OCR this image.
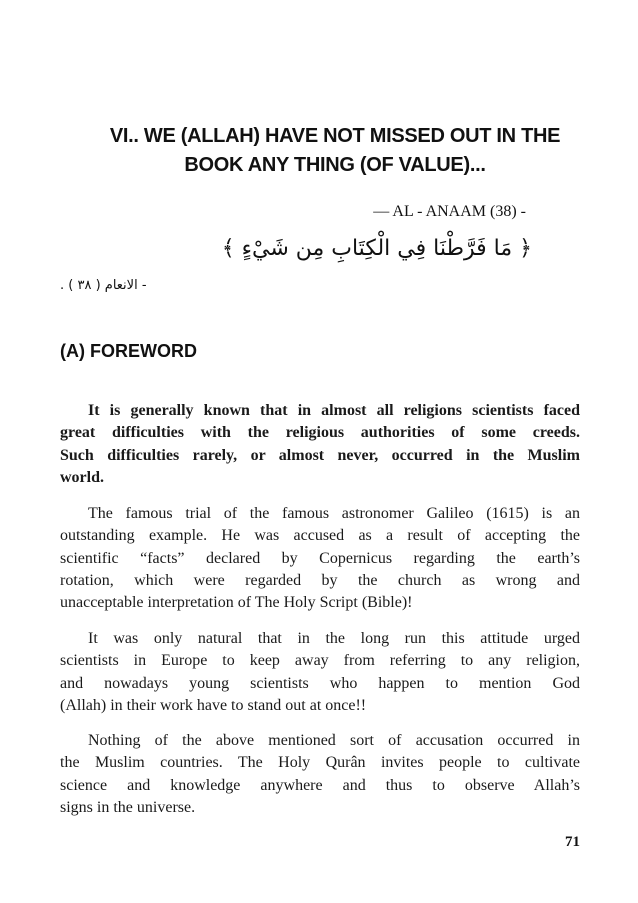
VI.. WE (ALLAH) HAVE NOT MISSED OUT IN THE
BOOK ANY THING (OF VALUE)...
— AL - ANAAM (38) -
﴿ مَا فَرَّطْنَا فِي الْكِتَابِ مِن شَيْءٍ ﴾
- الانعام ( ٣٨ ) .
(A) FOREWORD

It is generally known that in almost all religions scientists faced
great difficulties with the religious authorities of some creeds.
Such difficulties rarely, or almost never, occurred in the Muslim
world.

The famous trial of the famous astronomer Galileo (1615) is an
outstanding example. He was accused as a result of accepting the
scientific “facts” declared by Copernicus regarding the earth’s
rotation, which were regarded by the church as wrong and
unacceptable interpretation of The Holy Script (Bible)!

It was only natural that in the long run this attitude urged
scientists in Europe to keep away from referring to any religion,
and nowadays young scientists who happen to mention God
(Allah) in their work have to stand out at once!!

Nothing of the above mentioned sort of accusation occurred in
the Muslim countries. The Holy Qurân invites people to cultivate
science and knowledge anywhere and thus to observe Allah’s
signs in the universe.

71
